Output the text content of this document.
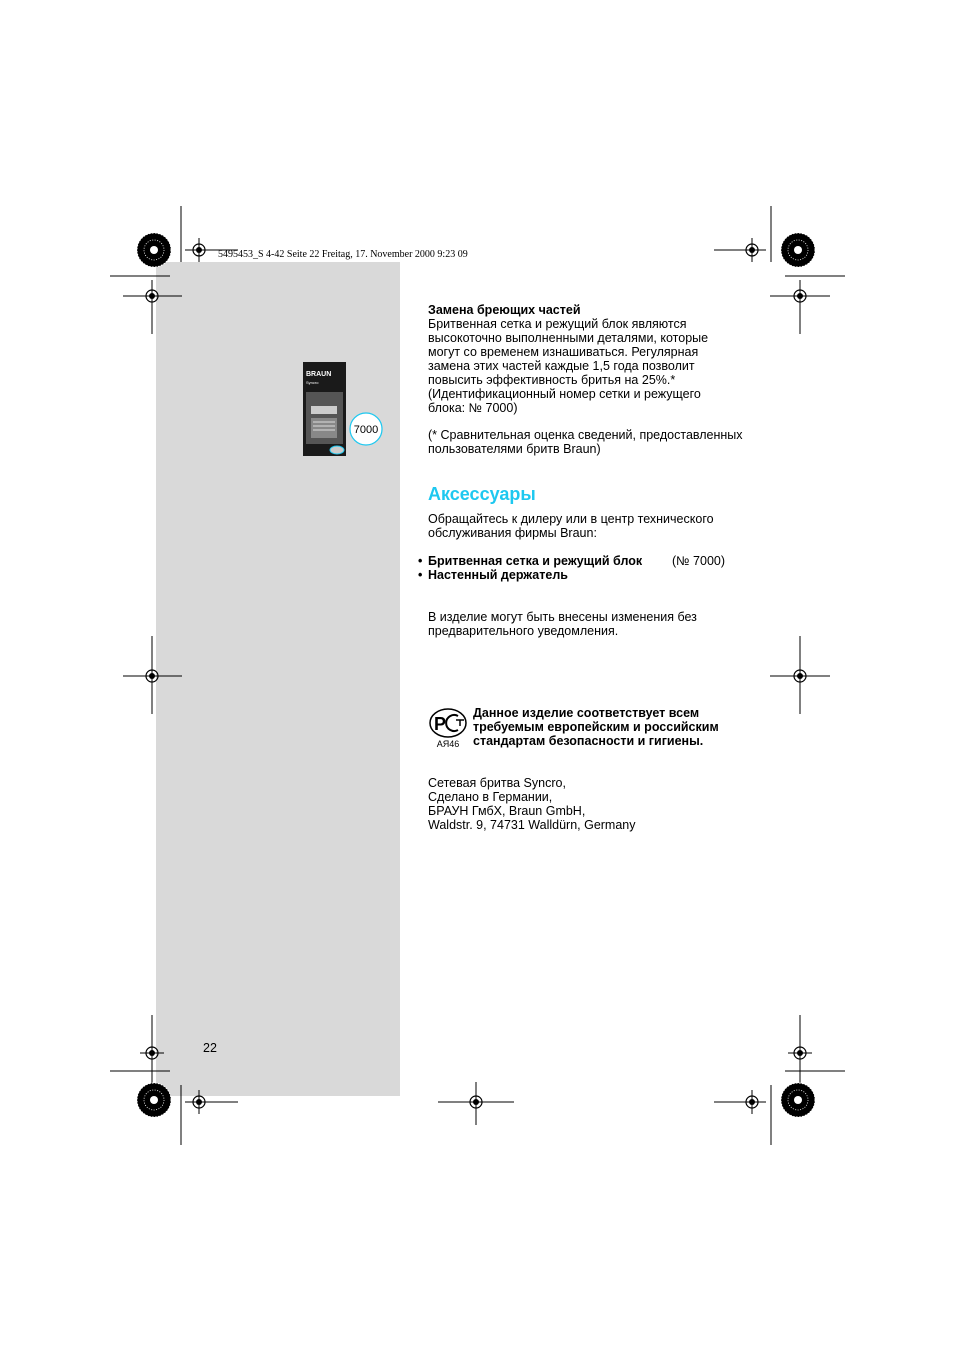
5495453_S 4-42 Seite 22 Freitag, 17. November 2000 9:23 09
BRAUN
Syncro
7000
Замена бреющих частей
Бритвенная сетка и режущий блок являются
высокоточно выполненными деталями, которые
могут со временем изнашиваться. Регулярная
замена этих частей каждые 1,5 года позволит
повысить эффективность бритья на 25%.*
(Идентификационный номер сетки и режущего
блока: № 7000)
(* Сравнительная оценка сведений, предоставленных
пользователями бритв Braun)
Аксессуары
Обращайтесь к дилеру или в центр технического
обслуживания фирмы Braun:
• Бритвенная сетка и режущий блок (№ 7000)
• Настенный держатель
В изделие могут быть внесены изменения без
предварительного уведомления.
Р
АЯ46
Данное изделие соответствует всем
требуемым европейским и российским
стандартам безопасности и гигиены.
Сетевая бритва Syncro,
Сделано в Германии,
БРАУН ГмбХ, Braun GmbH,
Waldstr. 9, 74731 Walldürn, Germany
22
